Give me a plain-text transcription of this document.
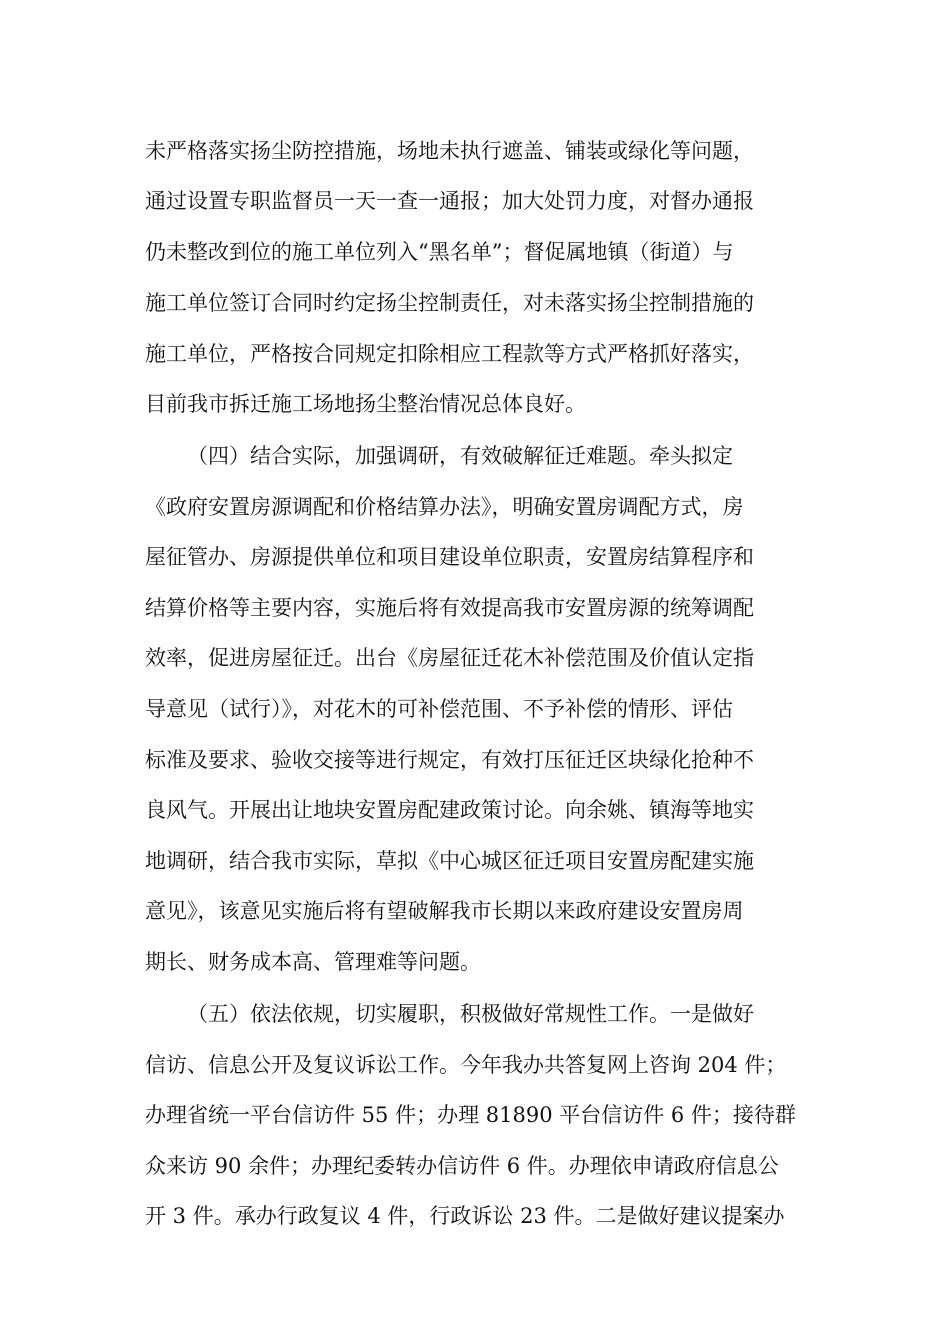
未严格落实扬尘防控措施，场地未执行遮盖、铺装或绿化等问题，
通过设置专职监督员一天一查一通报；加大处罚力度，对督办通报
仍未整改到位的施工单位列入“黑名单”；督促属地镇（街道）与
施工单位签订合同时约定扬尘控制责任，对未落实扬尘控制措施的
施工单位，严格按合同规定扣除相应工程款等方式严格抓好落实，
目前我市拆迁施工场地扬尘整治情况总体良好。
（四）结合实际，加强调研，有效破解征迁难题。牵头拟定
《政府安置房源调配和价格结算办法》，明确安置房调配方式，房
屋征管办、房源提供单位和项目建设单位职责，安置房结算程序和
结算价格等主要内容，实施后将有效提高我市安置房源的统筹调配
效率，促进房屋征迁。出台《房屋征迁花木补偿范围及价值认定指
导意见（试行）》，对花木的可补偿范围、不予补偿的情形、评估
标准及要求、验收交接等进行规定，有效打压征迁区块绿化抢种不
良风气。开展出让地块安置房配建政策讨论。向余姚、镇海等地实
地调研，结合我市实际，草拟《中心城区征迁项目安置房配建实施
意见》，该意见实施后将有望破解我市长期以来政府建设安置房周
期长、财务成本高、管理难等问题。
（五）依法依规，切实履职，积极做好常规性工作。一是做好
信访、信息公开及复议诉讼工作。今年我办共答复网上咨询 204 件；
办理省统一平台信访件 55 件；办理 81890 平台信访件 6 件；接待群
众来访 90 余件；办理纪委转办信访件 6 件。办理依申请政府信息公
开 3 件。承办行政复议 4 件，行政诉讼 23 件。二是做好建议提案办
